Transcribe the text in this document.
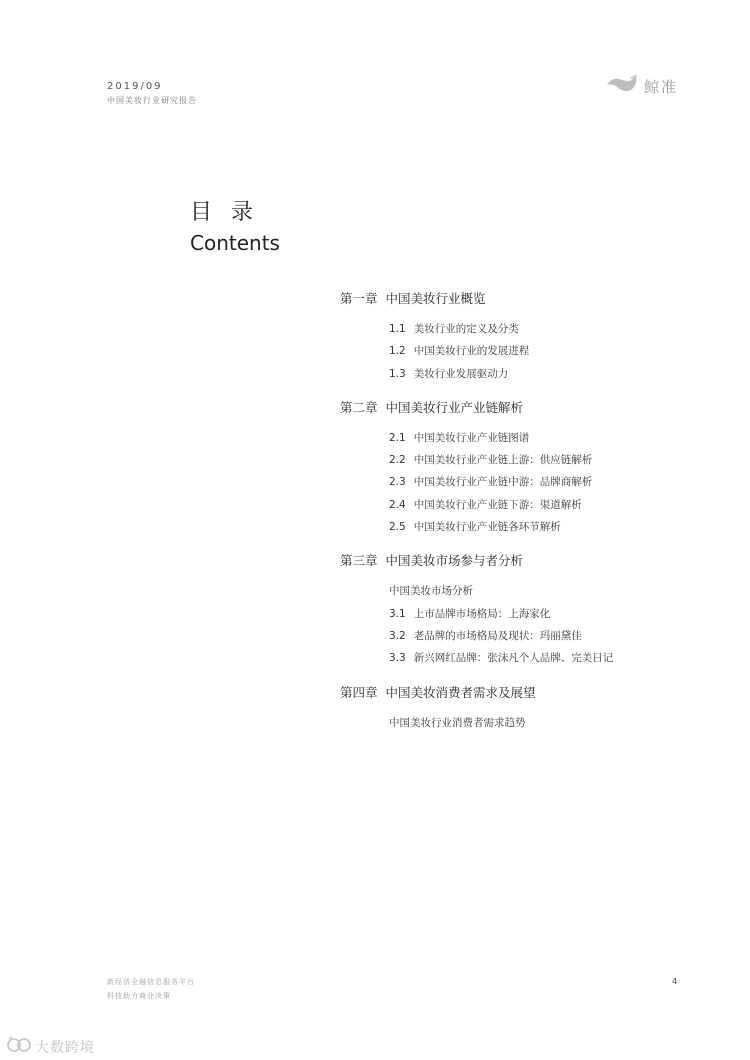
2019/09
中国美妆行业研究报告
鲸准
目 录
Contents
第一章 中国美妆行业概览
1.1 美妆行业的定义及分类
1.2 中国美妆行业的发展进程
1.3 美妆行业发展驱动力
第二章 中国美妆行业产业链解析
2.1 中国美妆行业产业链图谱
2.2 中国美妆行业产业链上游：供应链解析
2.3 中国美妆行业产业链中游：品牌商解析
2.4 中国美妆行业产业链下游：渠道解析
2.5 中国美妆行业产业链各环节解析
第三章 中国美妆市场参与者分析
中国美妆市场分析
3.1 上市品牌市场格局：上海家化
3.2 老品牌的市场格局及现状：玛丽黛佳
3.3 新兴网红品牌：张沫凡个人品牌、完美日记
第四章 中国美妆消费者需求及展望
中国美妆行业消费者需求趋势
新经济全融信息服务平台
科技助力商业决策
4
大数跨境
